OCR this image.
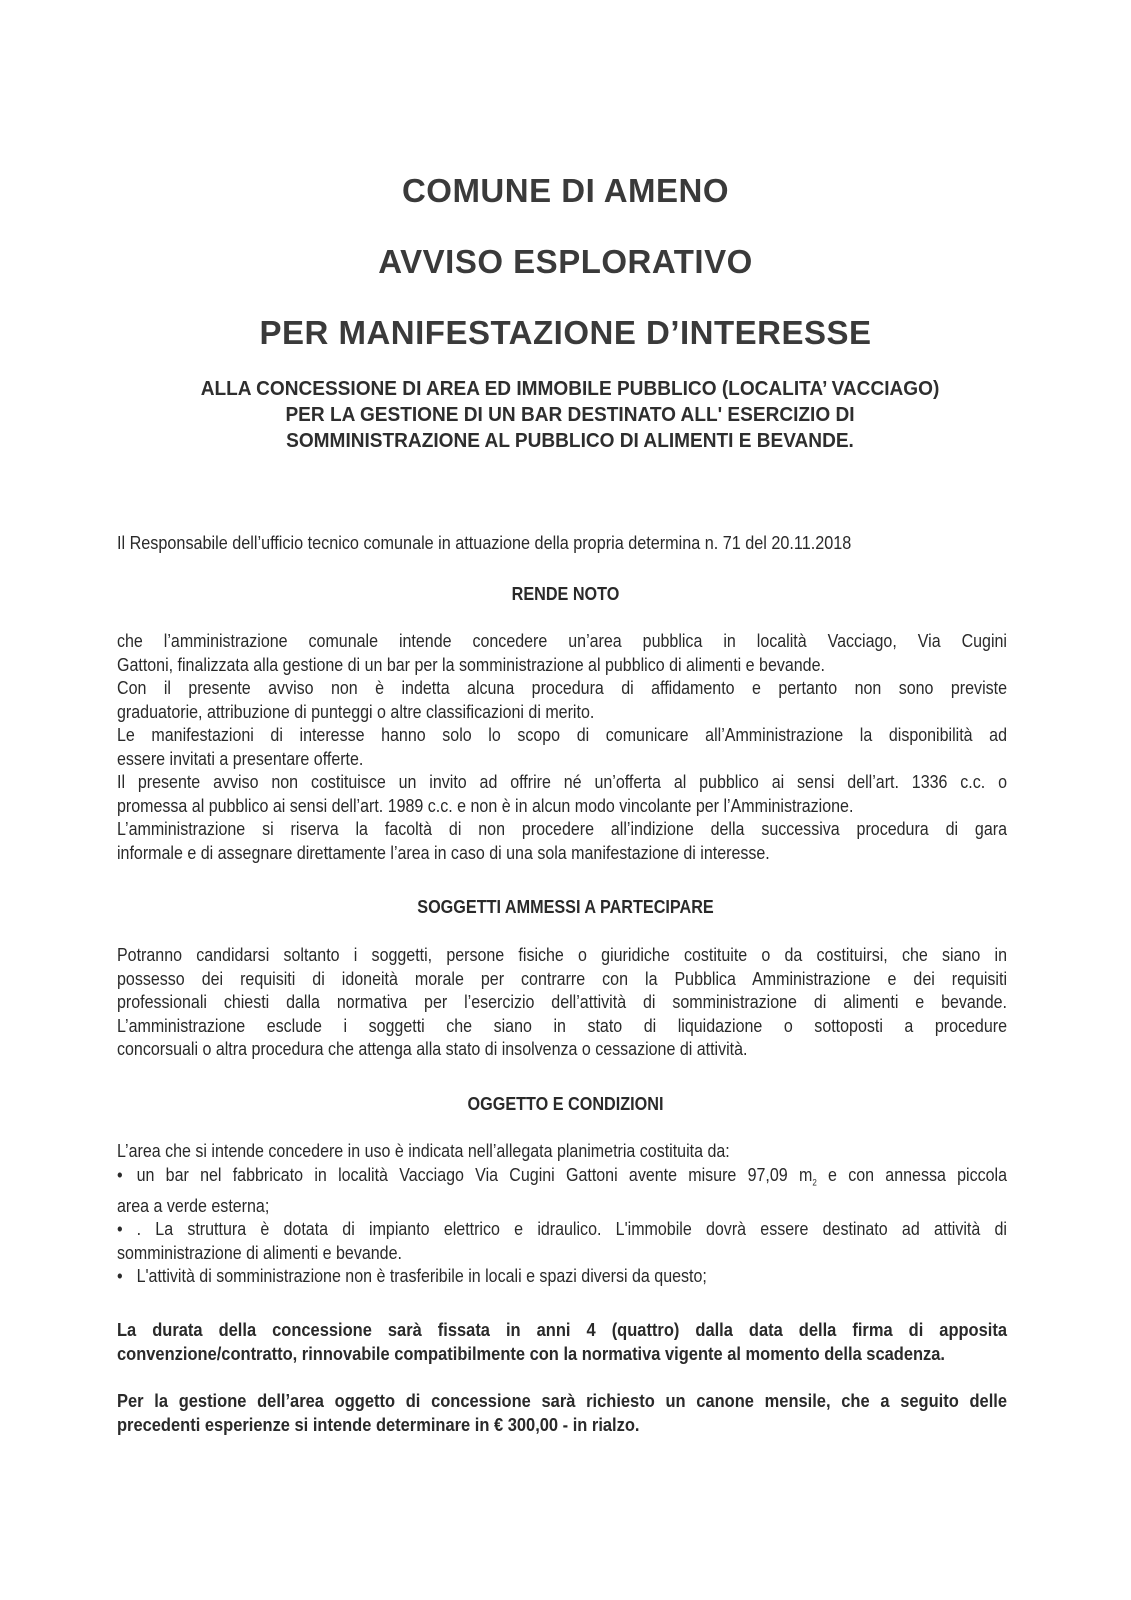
COMUNE DI AMENO
AVVISO ESPLORATIVO
PER MANIFESTAZIONE D’INTERESSE
ALLA CONCESSIONE DI AREA ED IMMOBILE PUBBLICO (LOCALITA’ VACCIAGO)
PER LA GESTIONE DI UN BAR DESTINATO ALL' ESERCIZIO DI
SOMMINISTRAZIONE AL PUBBLICO DI ALIMENTI E BEVANDE.
Il Responsabile dell’ufficio tecnico comunale in attuazione della propria determina n. 71 del 20.11.2018
RENDE NOTO
che l’amministrazione comunale intende concedere un’area pubblica in località Vacciago, Via Cugini
Gattoni, finalizzata alla gestione di un bar per la somministrazione al pubblico di alimenti e bevande.
Con il presente avviso non è indetta alcuna procedura di affidamento e pertanto non sono previste
graduatorie, attribuzione di punteggi o altre classificazioni di merito.
Le manifestazioni di interesse hanno solo lo scopo di comunicare all’Amministrazione la disponibilità ad
essere invitati a presentare offerte.
Il presente avviso non costituisce un invito ad offrire né un’offerta al pubblico ai sensi dell’art. 1336 c.c. o
promessa al pubblico ai sensi dell’art. 1989 c.c. e non è in alcun modo vincolante per l’Amministrazione.
L’amministrazione si riserva la facoltà di non procedere all’indizione della successiva procedura di gara
informale e di assegnare direttamente l’area in caso di una sola manifestazione di interesse.
SOGGETTI AMMESSI A PARTECIPARE
Potranno candidarsi soltanto i soggetti, persone fisiche o giuridiche costituite o da costituirsi, che siano in
possesso dei requisiti di idoneità morale per contrarre con la Pubblica Amministrazione e dei requisiti
professionali chiesti dalla normativa per l’esercizio dell’attività di somministrazione di alimenti e bevande.
L’amministrazione esclude i soggetti che siano in stato di liquidazione o sottoposti a procedure
concorsuali o altra procedura che attenga alla stato di insolvenza o cessazione di attività.
OGGETTO E CONDIZIONI
L’area che si intende concedere in uso è indicata nell’allegata planimetria costituita da:
• un bar nel fabbricato in località Vacciago Via Cugini Gattoni avente misure 97,09 $m_2$ e con annessa piccola
area a verde esterna;
• . La struttura è dotata di impianto elettrico e idraulico. L'immobile dovrà essere destinato ad attività di
somministrazione di alimenti e bevande.
• L'attività di somministrazione non è trasferibile in locali e spazi diversi da questo;
La durata della concessione sarà fissata in anni 4 (quattro) dalla data della firma di apposita
convenzione/contratto, rinnovabile compatibilmente con la normativa vigente al momento della scadenza.
Per la gestione dell’area oggetto di concessione sarà richiesto un canone mensile, che a seguito delle
precedenti esperienze si intende determinare in € 300,00 - in rialzo.
